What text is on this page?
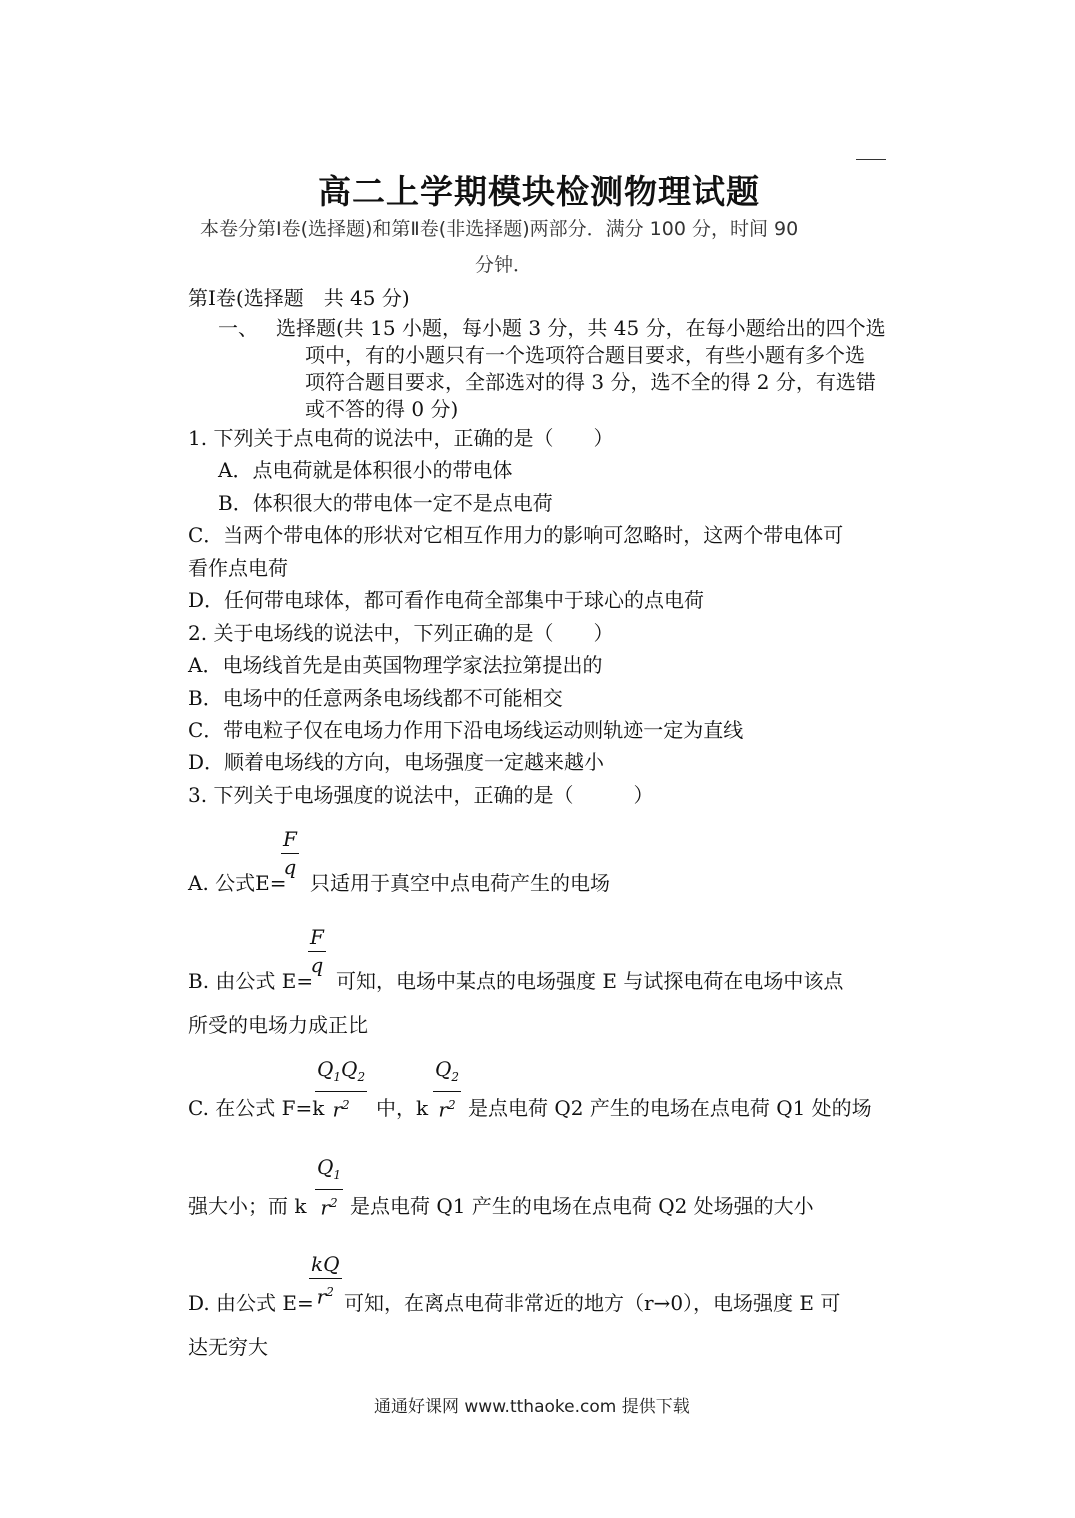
高二上学期模块检测物理试题
本卷分第Ⅰ卷(选择题)和第Ⅱ卷(非选择题)两部分．满分 100 分，时间 90
分钟．
第Ⅰ卷(选择题　共 45 分)
一、 选择题(共 15 小题，每小题 3 分，共 45 分，在每小题给出的四个选
项中，有的小题只有一个选项符合题目要求，有些小题有多个选
项符合题目要求，全部选对的得 3 分，选不全的得 2 分，有选错
或不答的得 0 分)
1. 下列关于点电荷的说法中，正确的是（　　）
A．点电荷就是体积很小的带电体
B．体积很大的带电体一定不是点电荷
C．当两个带电体的形状对它相互作用力的影响可忽略时，这两个带电体可
看作点电荷
D．任何带电球体，都可看作电荷全部集中于球心的点电荷
2. 关于电场线的说法中，下列正确的是（　　）
A．电场线首先是由英国物理学家法拉第提出的
B．电场中的任意两条电场线都不可能相交
C．带电粒子仅在电场力作用下沿电场线运动则轨迹一定为直线
D．顺着电场线的方向，电场强度一定越来越小
3. 下列关于电场强度的说法中，正确的是（　　　）
$\frac{F}{q}$
A. 公式E= 只适用于真空中点电荷产生的电场
$\frac{F}{q}$
B. 由公式 E= 可知，电场中某点的电场强度 E 与试探电荷在电场中该点
所受的电场力成正比
$\frac{Q_1Q_2}{r^2}$	$\frac{Q_2}{r^2}$
C. 在公式 F=k	中，k 是点电荷 Q2 产生的电场在点电荷 Q1 处的场
$\frac{Q_1}{r^2}$
强大小；而 k 是点电荷 Q1 产生的电场在点电荷 Q2 处场强的大小
$\frac{kQ}{r^2}$
D. 由公式 E= 可知，在离点电荷非常近的地方（r→0），电场强度 E 可
达无穷大
通通好课网 www.tthaoke.com 提供下载
